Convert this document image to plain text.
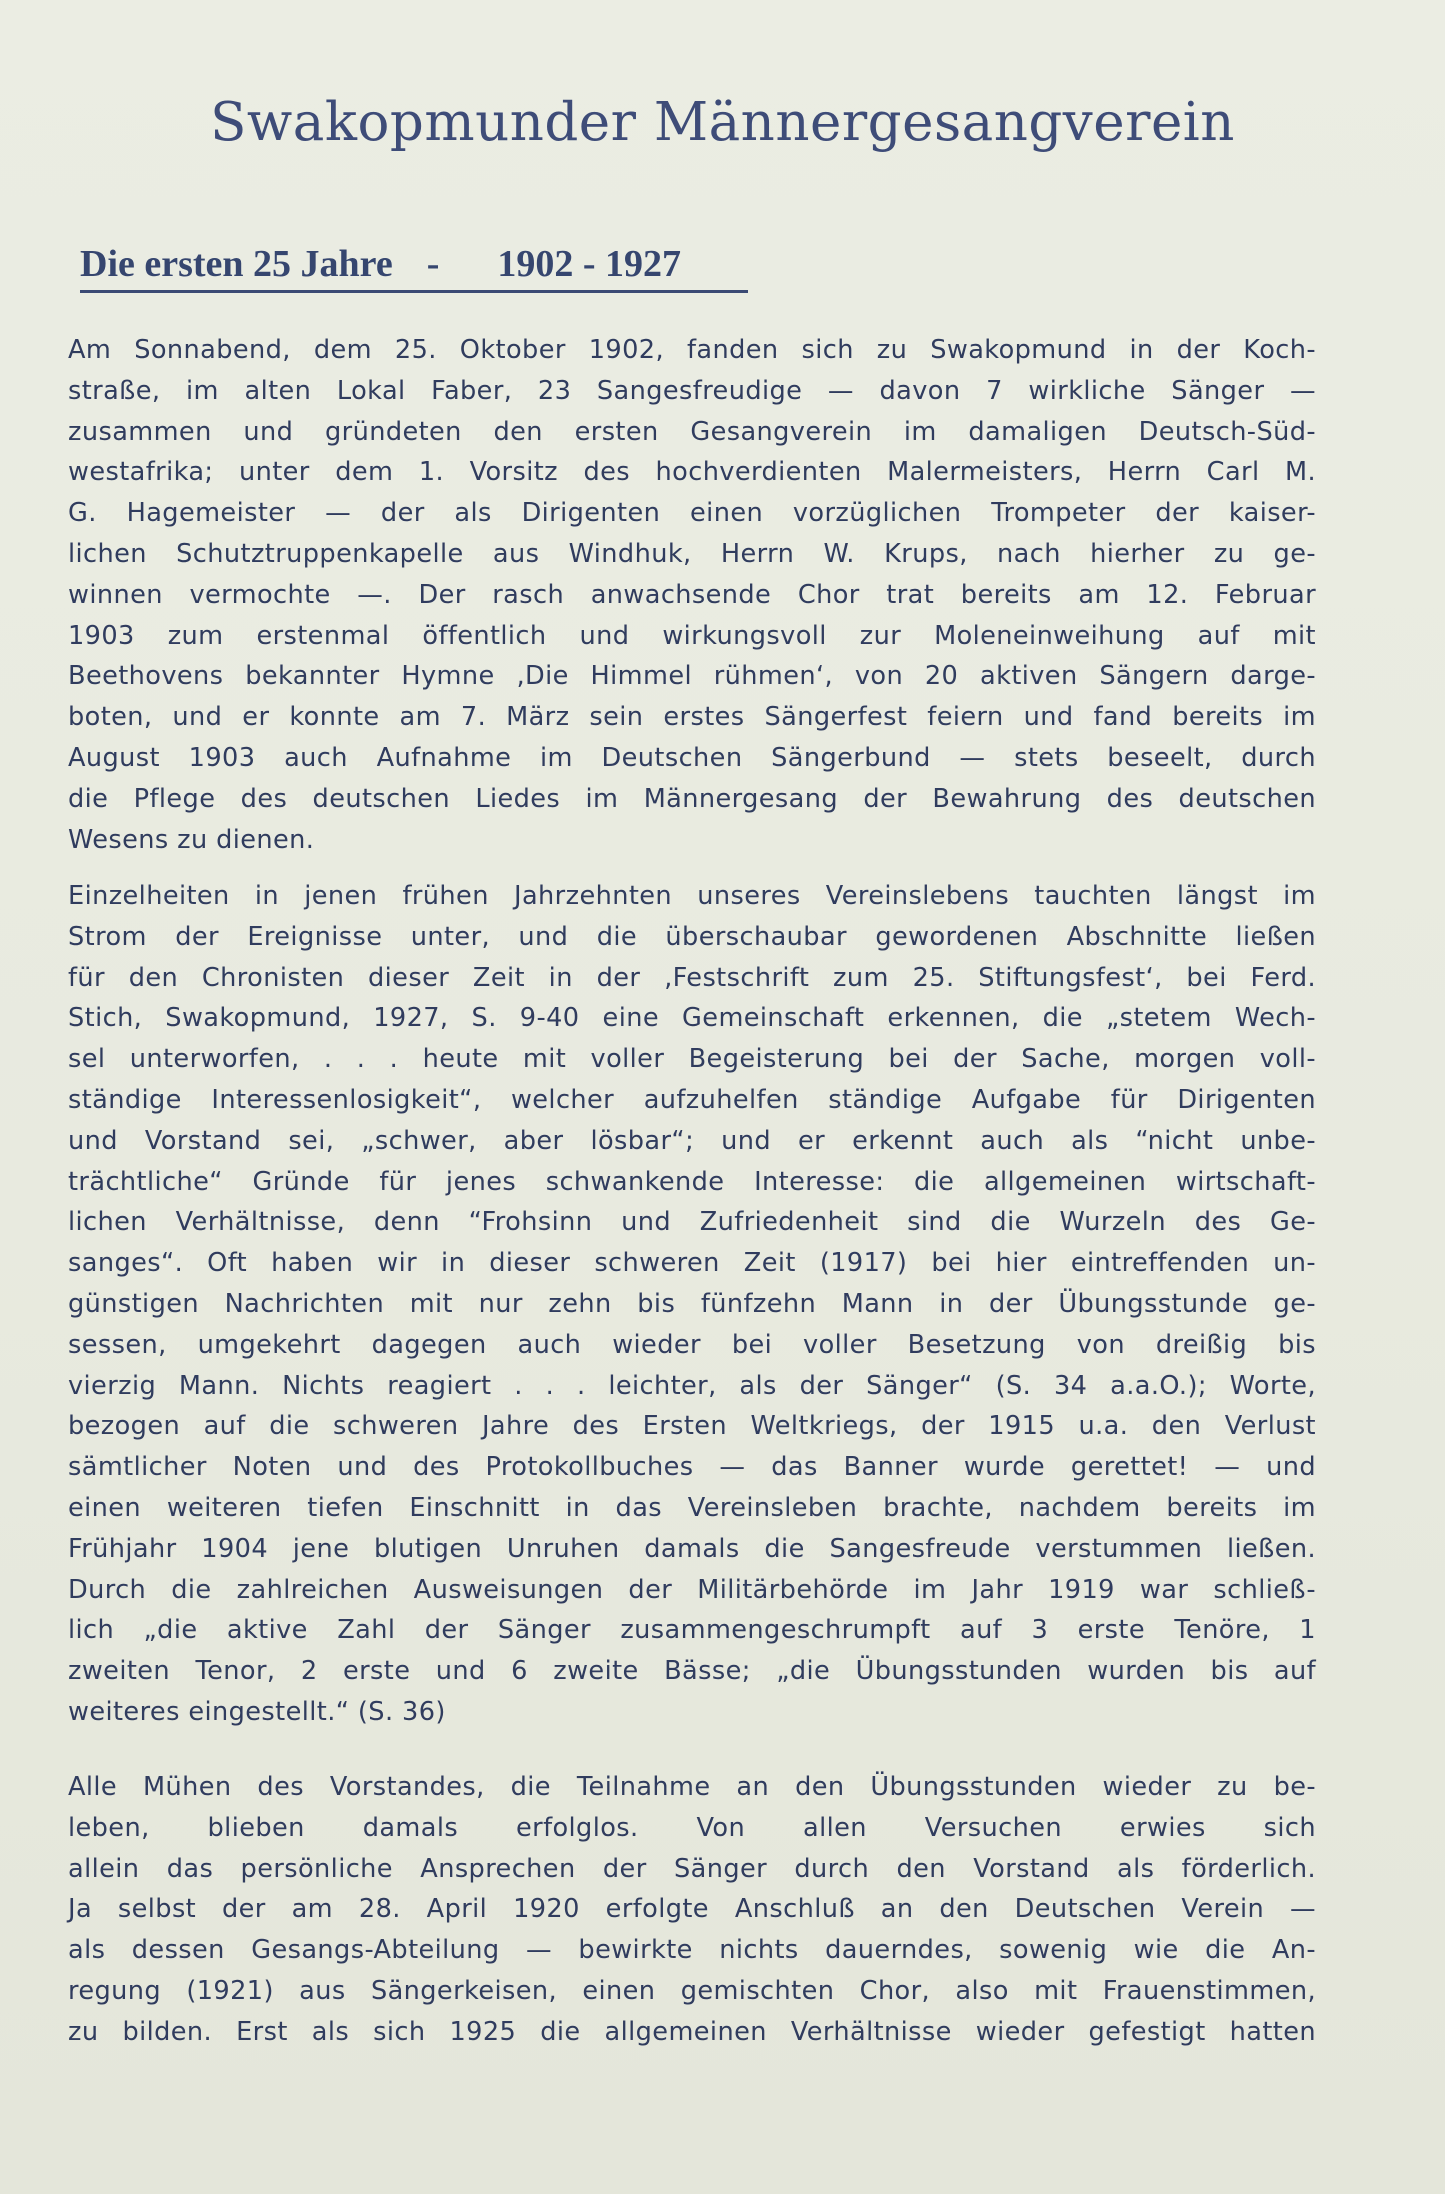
Swakopmunder Männergesangverein
Die ersten 25 Jahre - 1902 - 1927
Am Sonnabend, dem 25. Oktober 1902, fanden sich zu Swakopmund in der Koch-
straße, im alten Lokal Faber, 23 Sangesfreudige — davon 7 wirkliche Sänger —
zusammen und gründeten den ersten Gesangverein im damaligen Deutsch-Süd-
westafrika; unter dem 1. Vorsitz des hochverdienten Malermeisters, Herrn Carl M.
G. Hagemeister — der als Dirigenten einen vorzüglichen Trompeter der kaiser-
lichen Schutztruppenkapelle aus Windhuk, Herrn W. Krups, nach hierher zu ge-
winnen vermochte —. Der rasch anwachsende Chor trat bereits am 12. Februar
1903 zum erstenmal öffentlich und wirkungsvoll zur Moleneinweihung auf mit
Beethovens bekannter Hymne ‚Die Himmel rühmen‘, von 20 aktiven Sängern darge-
boten, und er konnte am 7. März sein erstes Sängerfest feiern und fand bereits im
August 1903 auch Aufnahme im Deutschen Sängerbund — stets beseelt, durch
die Pflege des deutschen Liedes im Männergesang der Bewahrung des deutschen
Wesens zu dienen.
Einzelheiten in jenen frühen Jahrzehnten unseres Vereinslebens tauchten längst im
Strom der Ereignisse unter, und die überschaubar gewordenen Abschnitte ließen
für den Chronisten dieser Zeit in der ‚Festschrift zum 25. Stiftungsfest‘, bei Ferd.
Stich, Swakopmund, 1927, S. 9-40 eine Gemeinschaft erkennen, die „stetem Wech-
sel unterworfen, . . . heute mit voller Begeisterung bei der Sache, morgen voll-
ständige Interessenlosigkeit“, welcher aufzuhelfen ständige Aufgabe für Dirigenten
und Vorstand sei, „schwer, aber lösbar“; und er erkennt auch als “nicht unbe-
trächtliche“ Gründe für jenes schwankende Interesse: die allgemeinen wirtschaft-
lichen Verhältnisse, denn “Frohsinn und Zufriedenheit sind die Wurzeln des Ge-
sanges“. Oft haben wir in dieser schweren Zeit (1917) bei hier eintreffenden un-
günstigen Nachrichten mit nur zehn bis fünfzehn Mann in der Übungsstunde ge-
sessen, umgekehrt dagegen auch wieder bei voller Besetzung von dreißig bis
vierzig Mann. Nichts reagiert . . . leichter, als der Sänger“ (S. 34 a.a.O.); Worte,
bezogen auf die schweren Jahre des Ersten Weltkriegs, der 1915 u.a. den Verlust
sämtlicher Noten und des Protokollbuches — das Banner wurde gerettet! — und
einen weiteren tiefen Einschnitt in das Vereinsleben brachte, nachdem bereits im
Frühjahr 1904 jene blutigen Unruhen damals die Sangesfreude verstummen ließen.
Durch die zahlreichen Ausweisungen der Militärbehörde im Jahr 1919 war schließ-
lich „die aktive Zahl der Sänger zusammengeschrumpft auf 3 erste Tenöre, 1
zweiten Tenor, 2 erste und 6 zweite Bässe; „die Übungsstunden wurden bis auf
weiteres eingestellt.“ (S. 36)
Alle Mühen des Vorstandes, die Teilnahme an den Übungsstunden wieder zu be-
leben, blieben damals erfolglos. Von allen Versuchen erwies sich
allein das persönliche Ansprechen der Sänger durch den Vorstand als förderlich.
Ja selbst der am 28. April 1920 erfolgte Anschluß an den Deutschen Verein —
als dessen Gesangs-Abteilung — bewirkte nichts dauerndes, sowenig wie die An-
regung (1921) aus Sängerkeisen, einen gemischten Chor, also mit Frauenstimmen,
zu bilden. Erst als sich 1925 die allgemeinen Verhältnisse wieder gefestigt hatten
